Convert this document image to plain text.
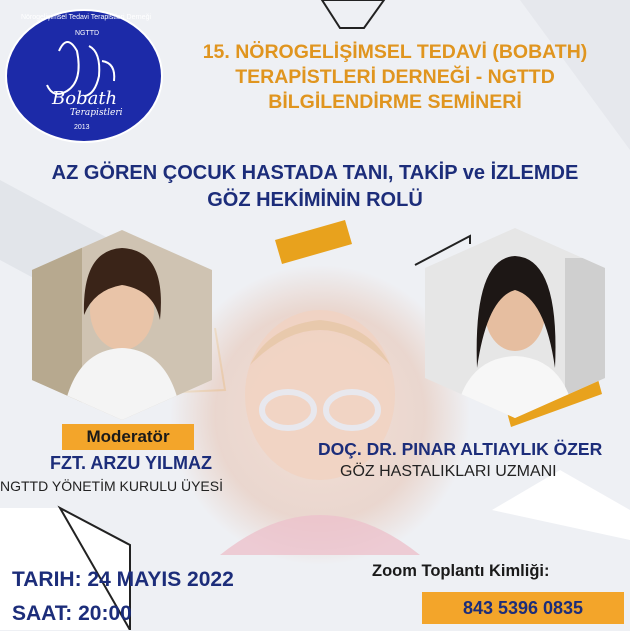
Nörogelişimsel Tedavi Terapistleri Derneği
NGTTD
Bobath
Terapistleri
2013
15. NÖROGELİŞİMSEL TEDAVİ (BOBATH)
TERAPİSTLERİ DERNEĞİ - NGTTD
BİLGİLENDİRME SEMİNERİ
AZ GÖREN ÇOCUK HASTADA TANI, TAKİP ve İZLEMDE
GÖZ HEKİMİNİN ROLÜ
Moderatör
FZT. ARZU YILMAZ
NGTTD YÖNETİM KURULU ÜYESİ
DOÇ. DR. PINAR ALTIAYLIK ÖZER
GÖZ HASTALIKLARI UZMANI
TARIH: 24 MAYIS 2022
SAAT: 20:00
Zoom Toplantı Kimliği:
843 5396 0835
